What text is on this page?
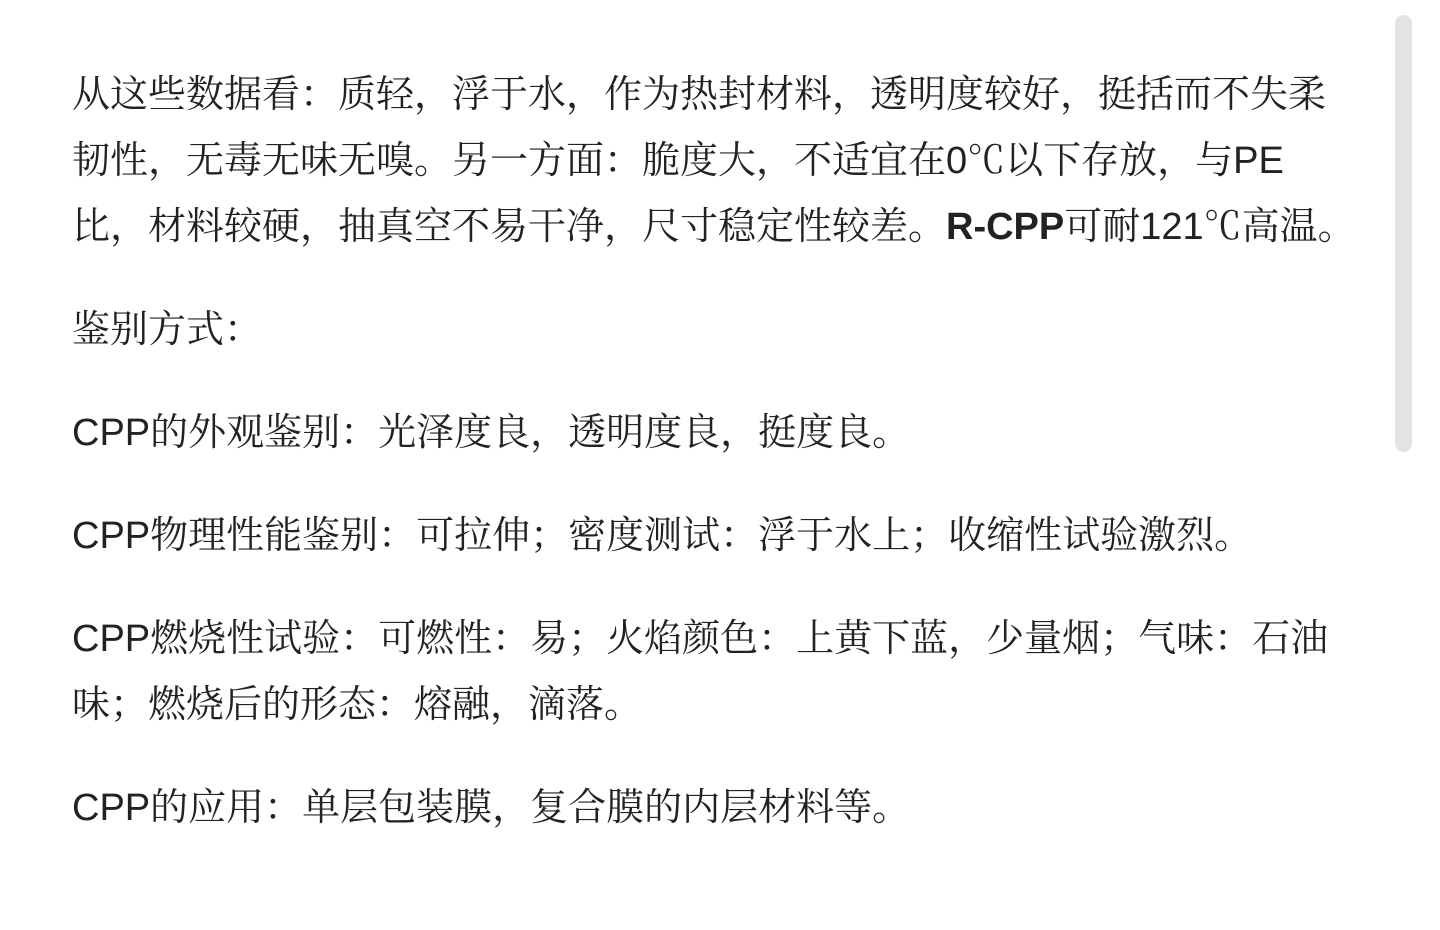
从这些数据看：质轻，浮于水，作为热封材料，透明度较好，挺括而不失柔韧性，无毒无味无嗅。另一方面：脆度大，不适宜在0℃以下存放，与PE比，材料较硬，抽真空不易干净，尺寸稳定性较差。R-CPP可耐121℃高温。

鉴别方式：

CPP的外观鉴别：光泽度良，透明度良，挺度良。

CPP物理性能鉴别：可拉伸；密度测试：浮于水上；收缩性试验激烈。

CPP燃烧性试验：可燃性：易；火焰颜色：上黄下蓝，少量烟；气味：石油味；燃烧后的形态：熔融，滴落。

CPP的应用：单层包装膜，复合膜的内层材料等。
